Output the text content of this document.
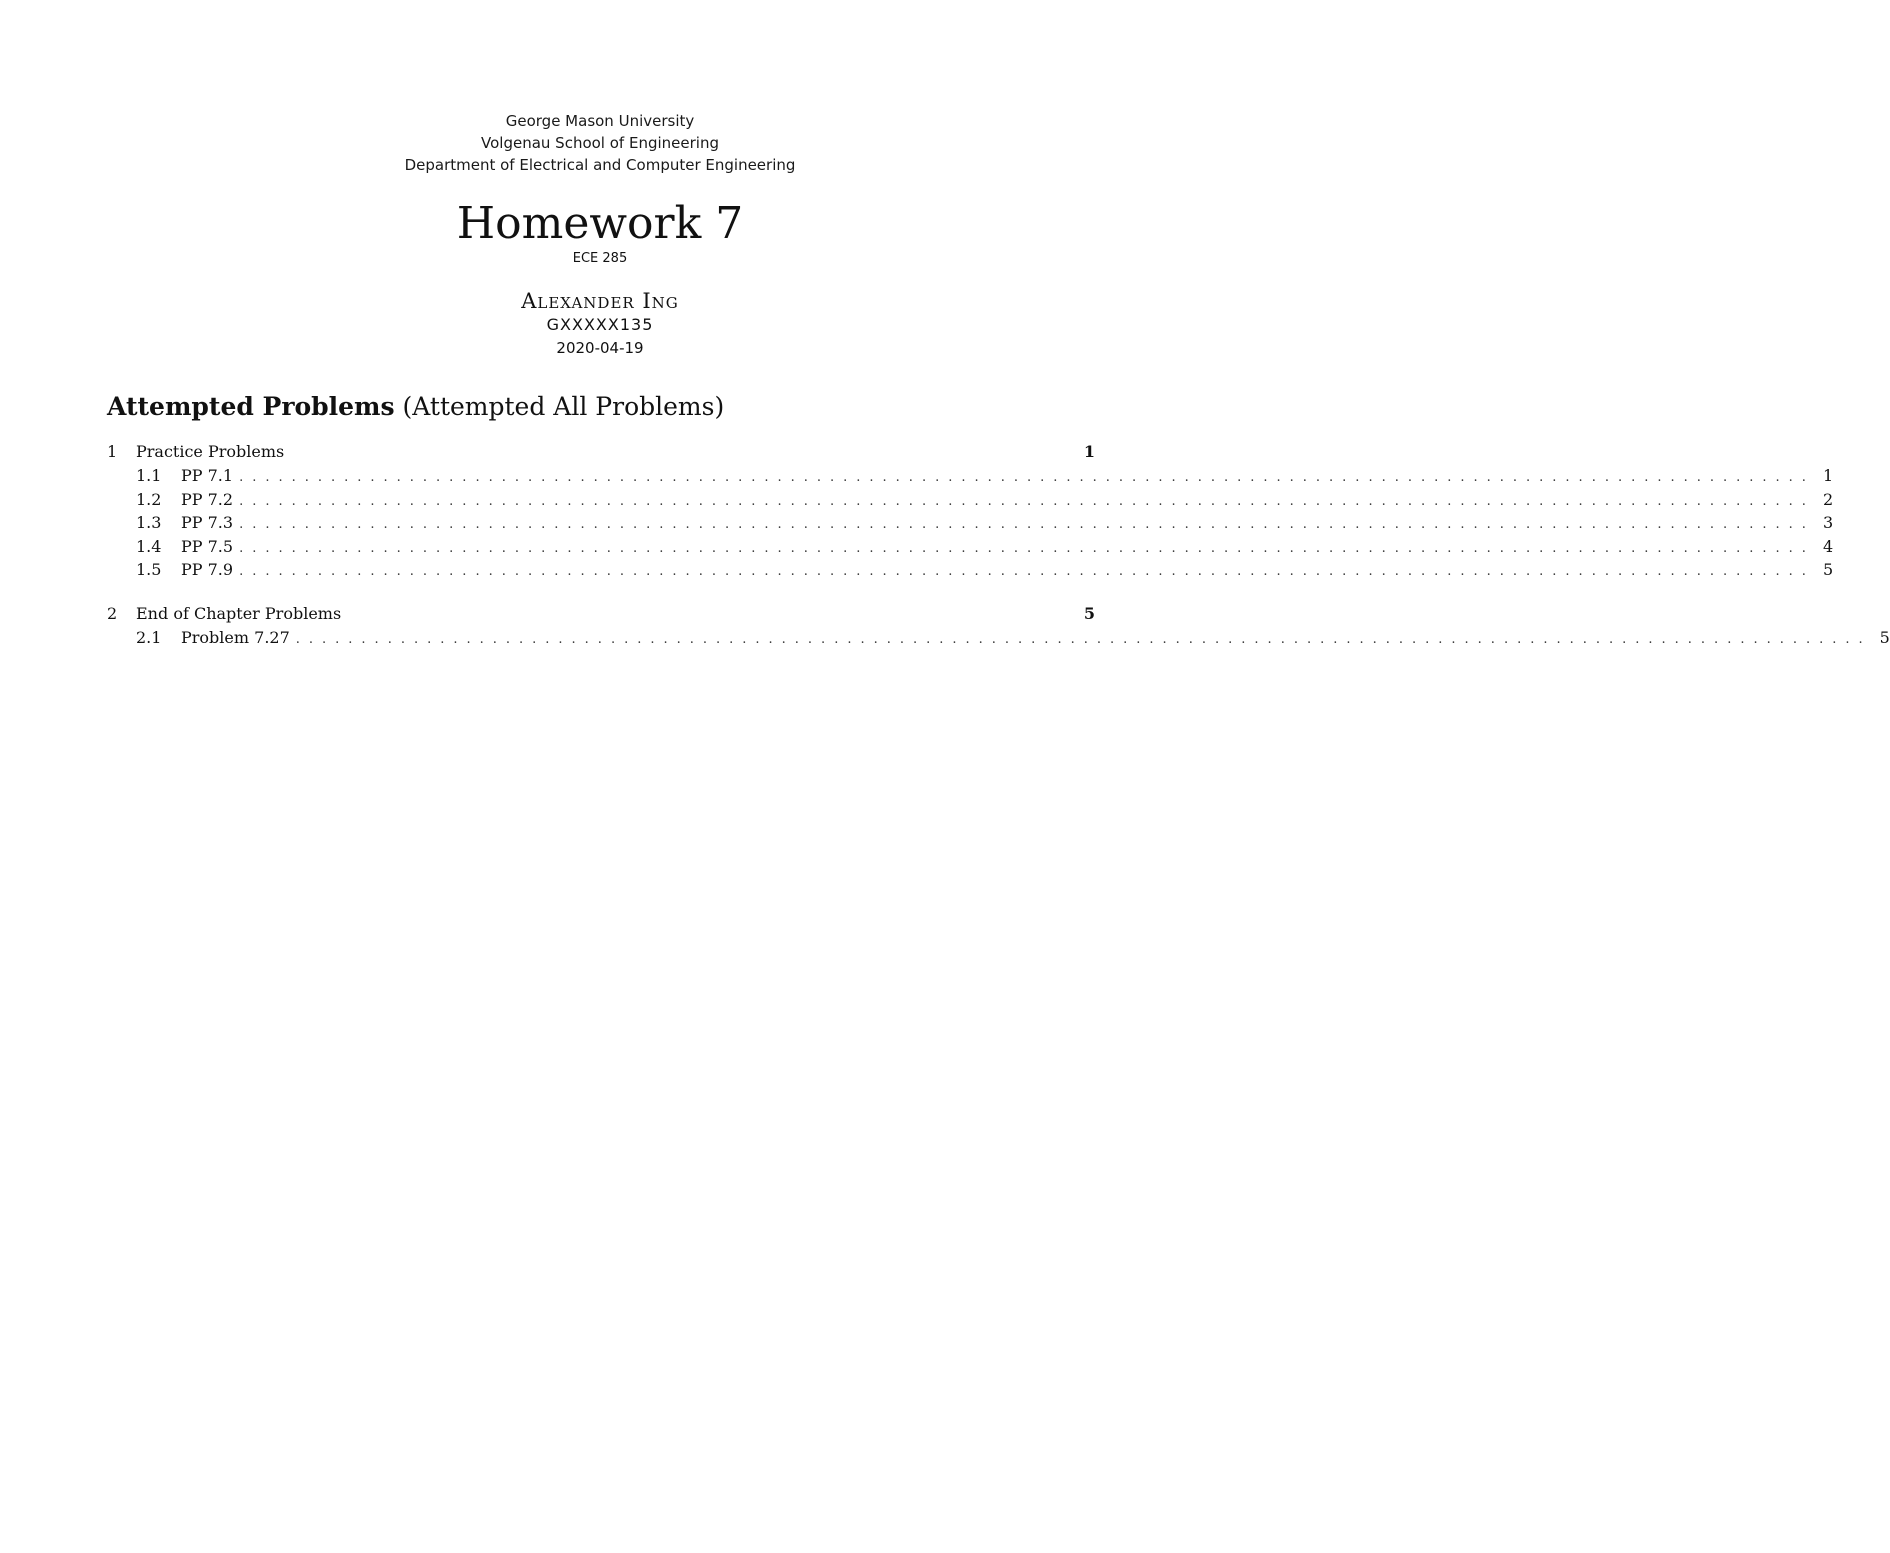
George Mason University
Volgenau School of Engineering
Department of Electrical and Computer Engineering
Homework 7
ECE 285
Alexander Ing
GXXXXX135
2020-04-19
Attempted Problems (Attempted All Problems)
1	Practice Problems	1
1.1	PP 7.1 ........................................................................................................................ 1
1.2	PP 7.2 ........................................................................................................................ 2
1.3	PP 7.3 ........................................................................................................................ 3
1.4	PP 7.5 ........................................................................................................................ 4
1.5	PP 7.9 ........................................................................................................................ 5
2	End of Chapter Problems	5
2.1	Problem 7.27 ........................................................................................................................ 5
